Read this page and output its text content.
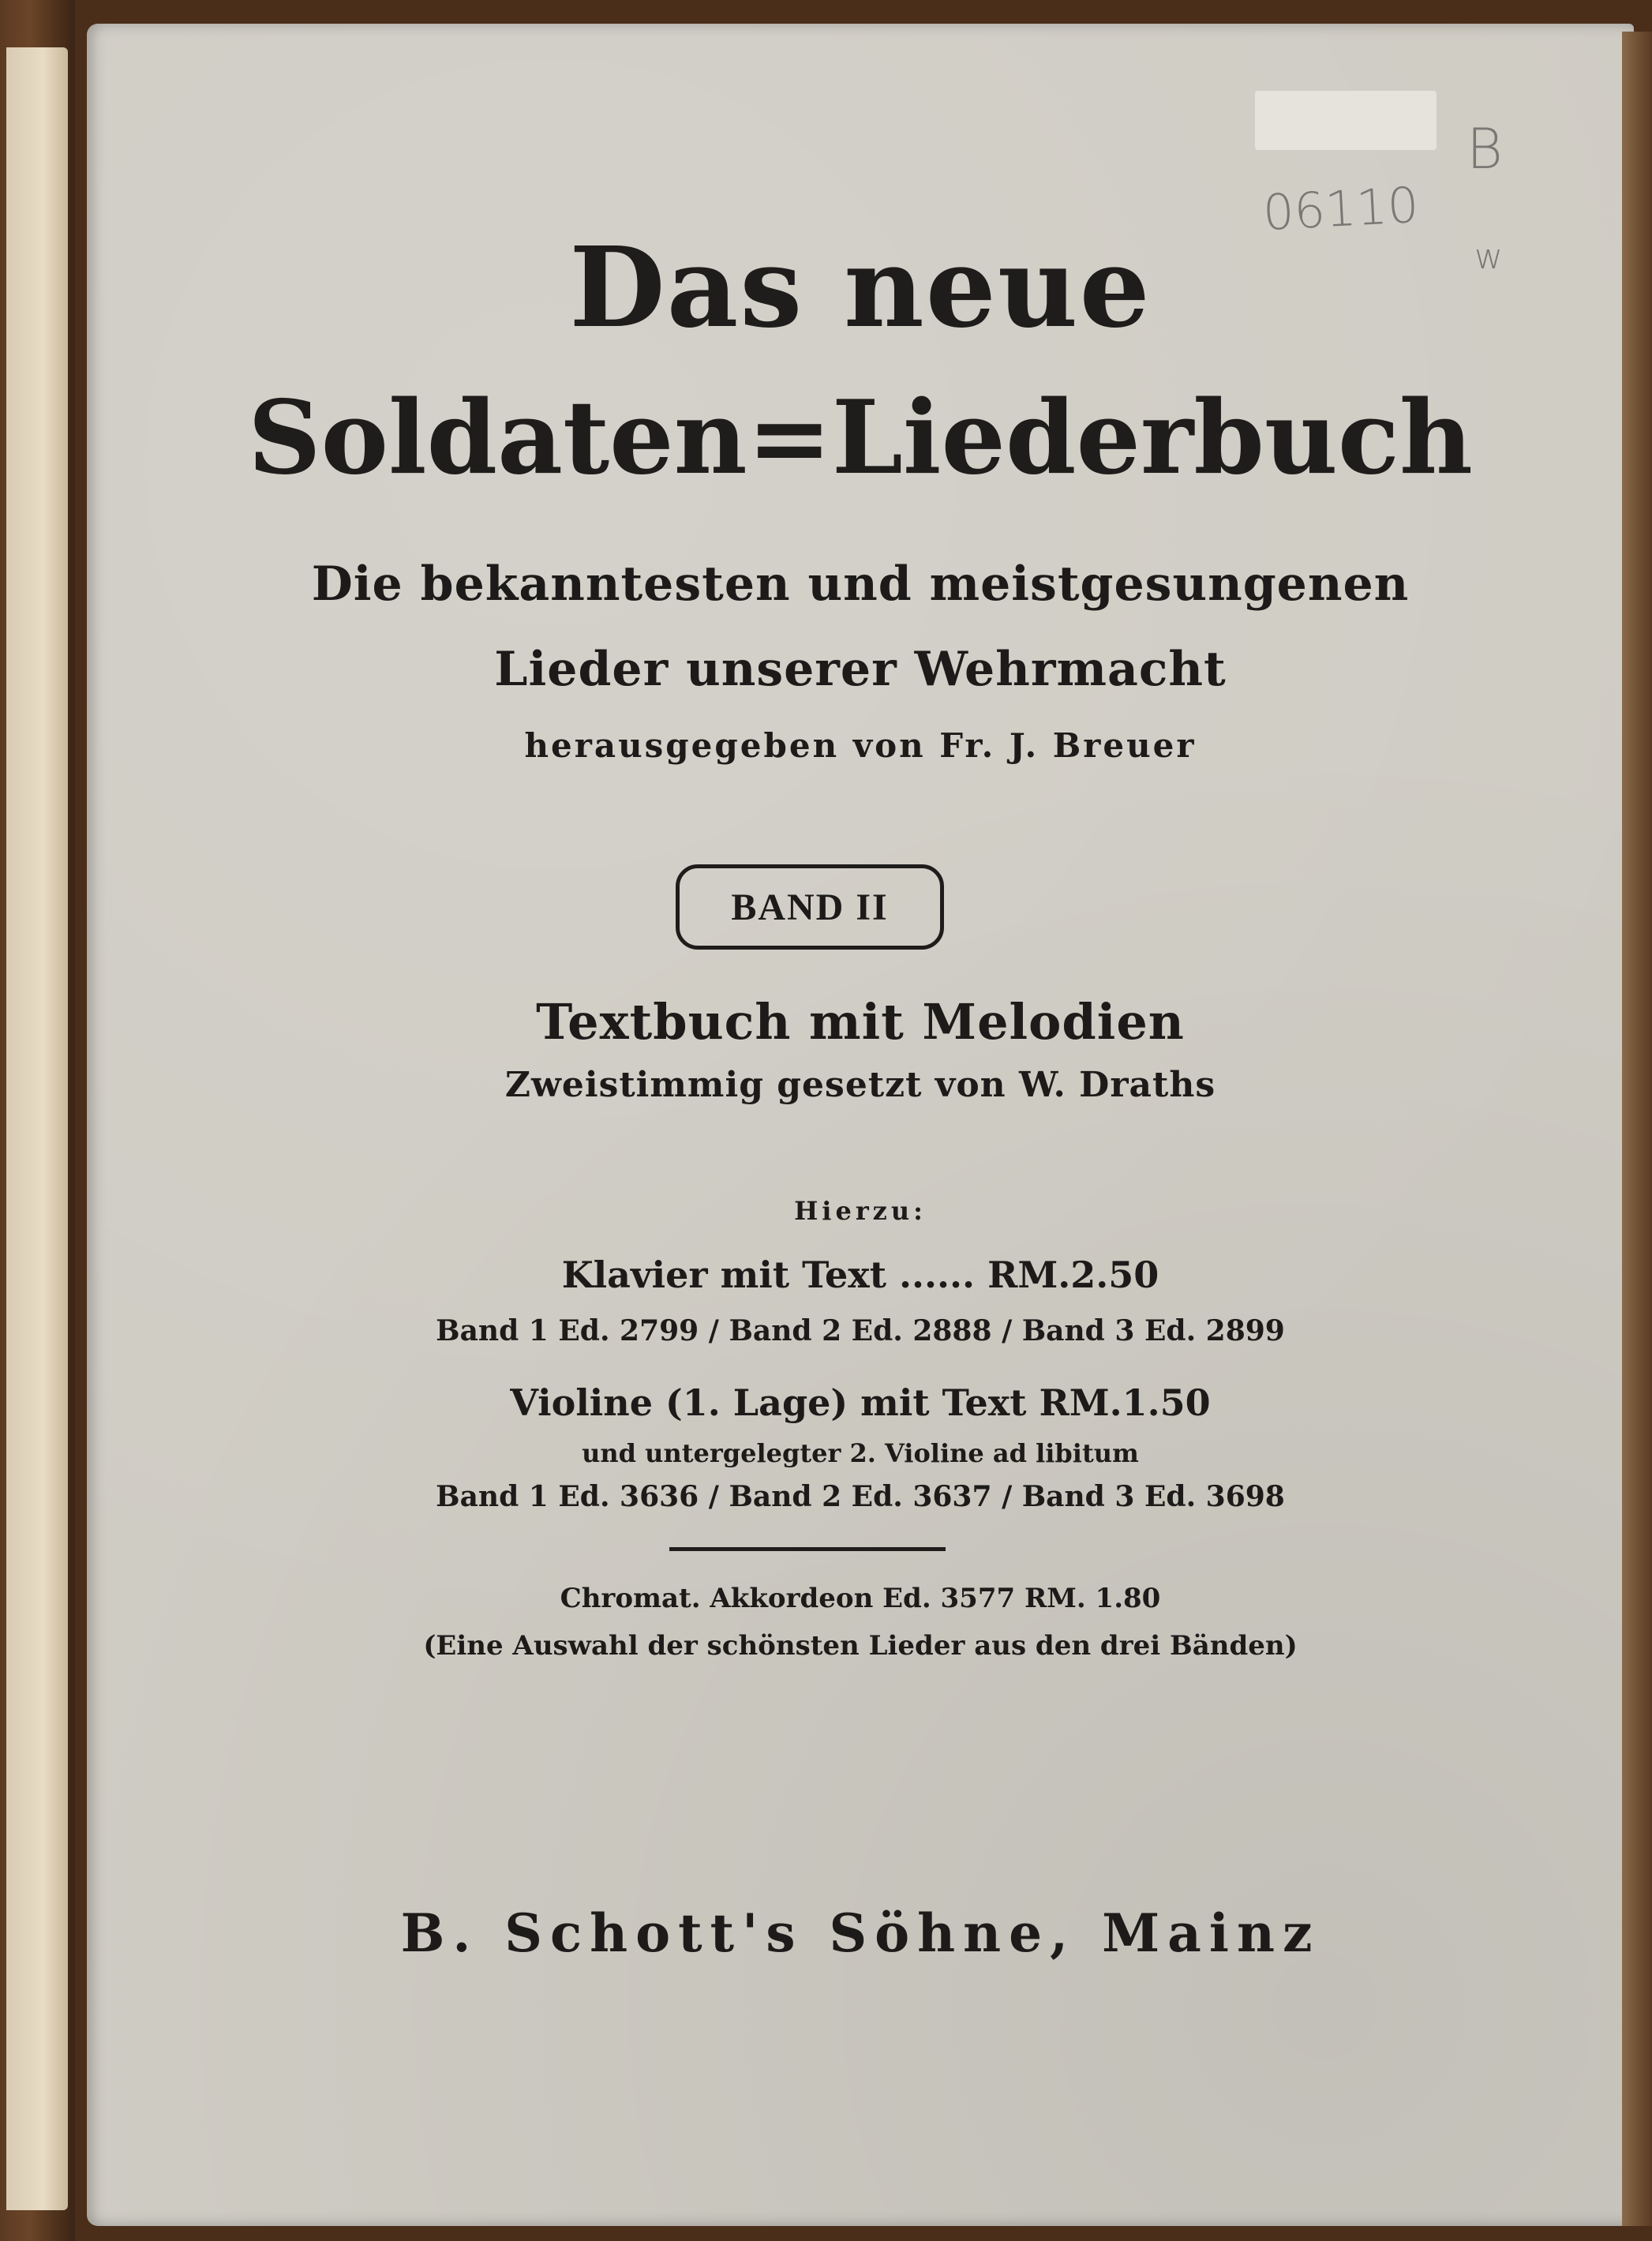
06110
B
w
Das neue
Soldaten=Liederbuch
Die bekanntesten und meistgesungenen
Lieder unserer Wehrmacht
herausgegeben von Fr. J. Breuer
BAND II
Textbuch mit Melodien
Zweistimmig gesetzt von W. Draths
Hierzu:
Klavier mit Text ...... RM.2.50
Band 1 Ed. 2799 / Band 2 Ed. 2888 / Band 3 Ed. 2899
Violine (1. Lage) mit Text RM.1.50
und untergelegter 2. Violine ad libitum
Band 1 Ed. 3636 / Band 2 Ed. 3637 / Band 3 Ed. 3698
Chromat. Akkordeon Ed. 3577 RM. 1.80
(Eine Auswahl der schönsten Lieder aus den drei Bänden)
B. Schott's Söhne, Mainz
